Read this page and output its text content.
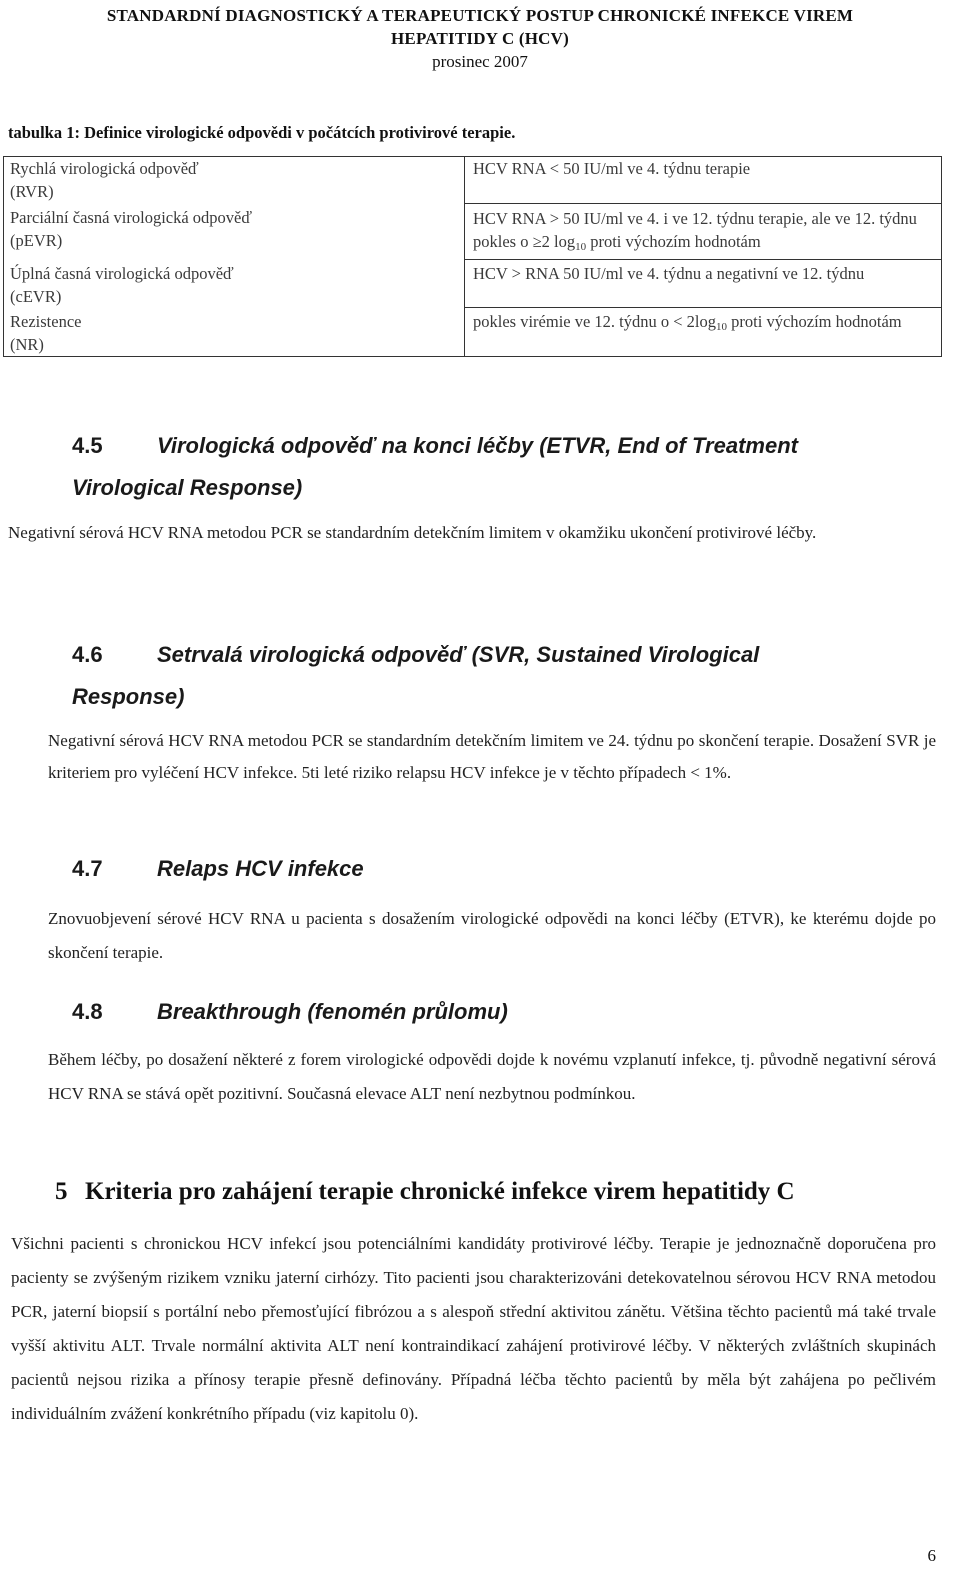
STANDARDNÍ DIAGNOSTICKÝ A TERAPEUTICKÝ POSTUP CHRONICKÉ INFEKCE VIREM
HEPATITIDY C (HCV)
prosinec 2007
tabulka 1: Definice virologické odpovědi v počátcích protivirové terapie.
Rychlá virologická odpověď
(RVR)	HCV RNA < 50 IU/ml ve 4. týdnu terapie

Parciální časná virologická odpověď
(pEVR)	HCV RNA > 50 IU/ml ve 4. i ve 12. týdnu terapie, ale ve 12. týdnu pokles o ≥2 $\log_{10}$ proti výchozím hodnotám

Úplná časná virologická odpověď
(cEVR)	HCV > RNA 50 IU/ml ve 4. týdnu a negativní ve 12. týdnu

Rezistence
(NR)	pokles virémie ve 12. týdnu $o < 2\log_{10}$ proti výchozím hodnotám
4.5 Virologická odpověď na konci léčby (ETVR, End of Treatment Virological Response)
Negativní sérová HCV RNA metodou PCR se standardním detekčním limitem v okamžiku ukončení protivirové léčby.
4.6 Setrvalá virologická odpověď (SVR, Sustained Virological Response)
Negativní sérová HCV RNA metodou PCR se standardním detekčním limitem ve 24. týdnu po skončení terapie. Dosažení SVR je kriteriem pro vyléčení HCV infekce. 5ti leté riziko relapsu HCV infekce je v těchto případech < 1%.
4.7 Relaps HCV infekce
Znovuobjevení sérové HCV RNA u pacienta s dosažením virologické odpovědi na konci léčby (ETVR), ke kterému dojde po skončení terapie.
4.8 Breakthrough (fenomén průlomu)
Během léčby, po dosažení některé z forem virologické odpovědi dojde k novému vzplanutí infekce, tj. původně negativní sérová HCV RNA se stává opět pozitivní. Současná elevace ALT není nezbytnou podmínkou.
5 Kriteria pro zahájení terapie chronické infekce virem hepatitidy C
Všichni pacienti s chronickou HCV infekcí jsou potenciálními kandidáty protivirové léčby. Terapie je jednoznačně doporučena pro pacienty se zvýšeným rizikem vzniku jaterní cirhózy. Tito pacienti jsou charakterizováni detekovatelnou sérovou HCV RNA metodou PCR, jaterní biopsií s portální nebo přemosťující fibrózou a s alespoň střední aktivitou zánětu. Většina těchto pacientů má také trvale vyšší aktivitu ALT. Trvale normální aktivita ALT není kontraindikací zahájení protivirové léčby. V některých zvláštních skupinách pacientů nejsou rizika a přínosy terapie přesně definovány. Případná léčba těchto pacientů by měla být zahájena po pečlivém individuálním zvážení konkrétního případu (viz kapitolu 0).
6
